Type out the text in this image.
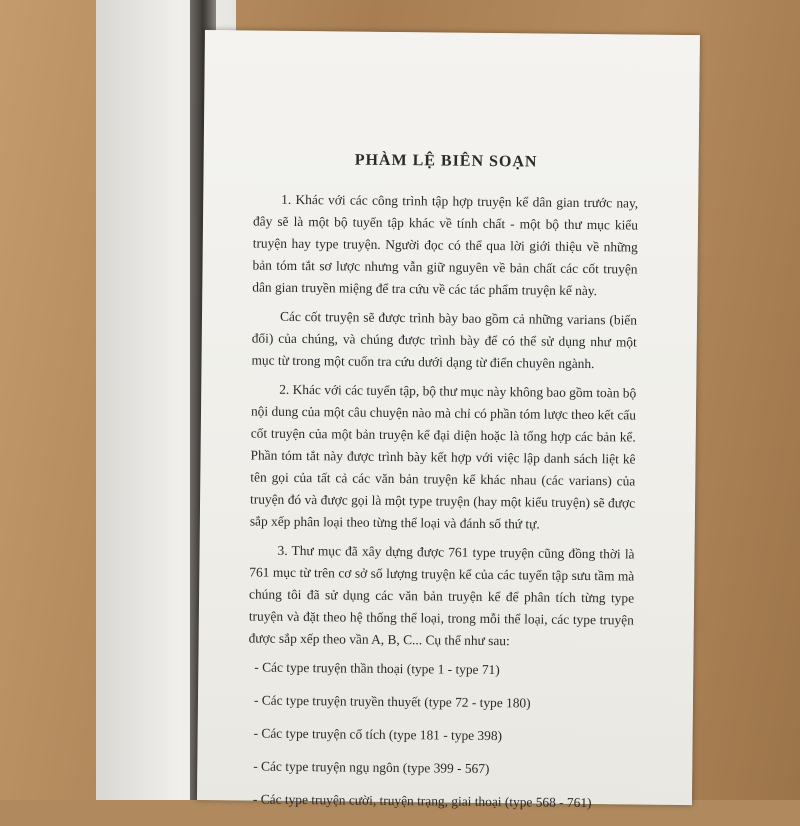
PHÀM LỆ BIÊN SOẠN

1. Khác với các công trình tập hợp truyện kể dân gian trước nay, đây sẽ là một bộ tuyển tập khác về tính chất - một bộ thư mục kiểu truyện hay type truyện. Người đọc có thể qua lời giới thiệu về những bản tóm tắt sơ lược nhưng vẫn giữ nguyên về bản chất các cốt truyện dân gian truyền miệng để tra cứu về các tác phẩm truyện kể này.

Các cốt truyện sẽ được trình bày bao gồm cả những varians (biến đổi) của chúng, và chúng được trình bày để có thể sử dụng như một mục từ trong một cuốn tra cứu dưới dạng từ điển chuyên ngành.

2. Khác với các tuyển tập, bộ thư mục này không bao gồm toàn bộ nội dung của một câu chuyện nào mà chỉ có phần tóm lược theo kết cấu cốt truyện của một bản truyện kể đại diện hoặc là tổng hợp các bản kể. Phần tóm tắt này được trình bày kết hợp với việc lập danh sách liệt kê tên gọi của tất cả các văn bản truyện kể khác nhau (các varians) của truyện đó và được gọi là một type truyện (hay một kiểu truyện) sẽ được sắp xếp phân loại theo từng thể loại và đánh số thứ tự.

3. Thư mục đã xây dựng được 761 type truyện cũng đồng thời là 761 mục từ trên cơ sở số lượng truyện kể của các tuyển tập sưu tầm mà chúng tôi đã sử dụng các văn bản truyện kể để phân tích từng type truyện và đặt theo hệ thống thể loại, trong mỗi thể loại, các type truyện được sắp xếp theo vần A, B, C... Cụ thể như sau:

- Các type truyện thần thoại (type 1 - type 71)
- Các type truyện truyền thuyết (type 72 - type 180)
- Các type truyện cổ tích (type 181 - type 398)
- Các type truyện ngụ ngôn (type 399 - 567)
- Các type truyện cười, truyện trạng, giai thoại (type 568 - 761)
